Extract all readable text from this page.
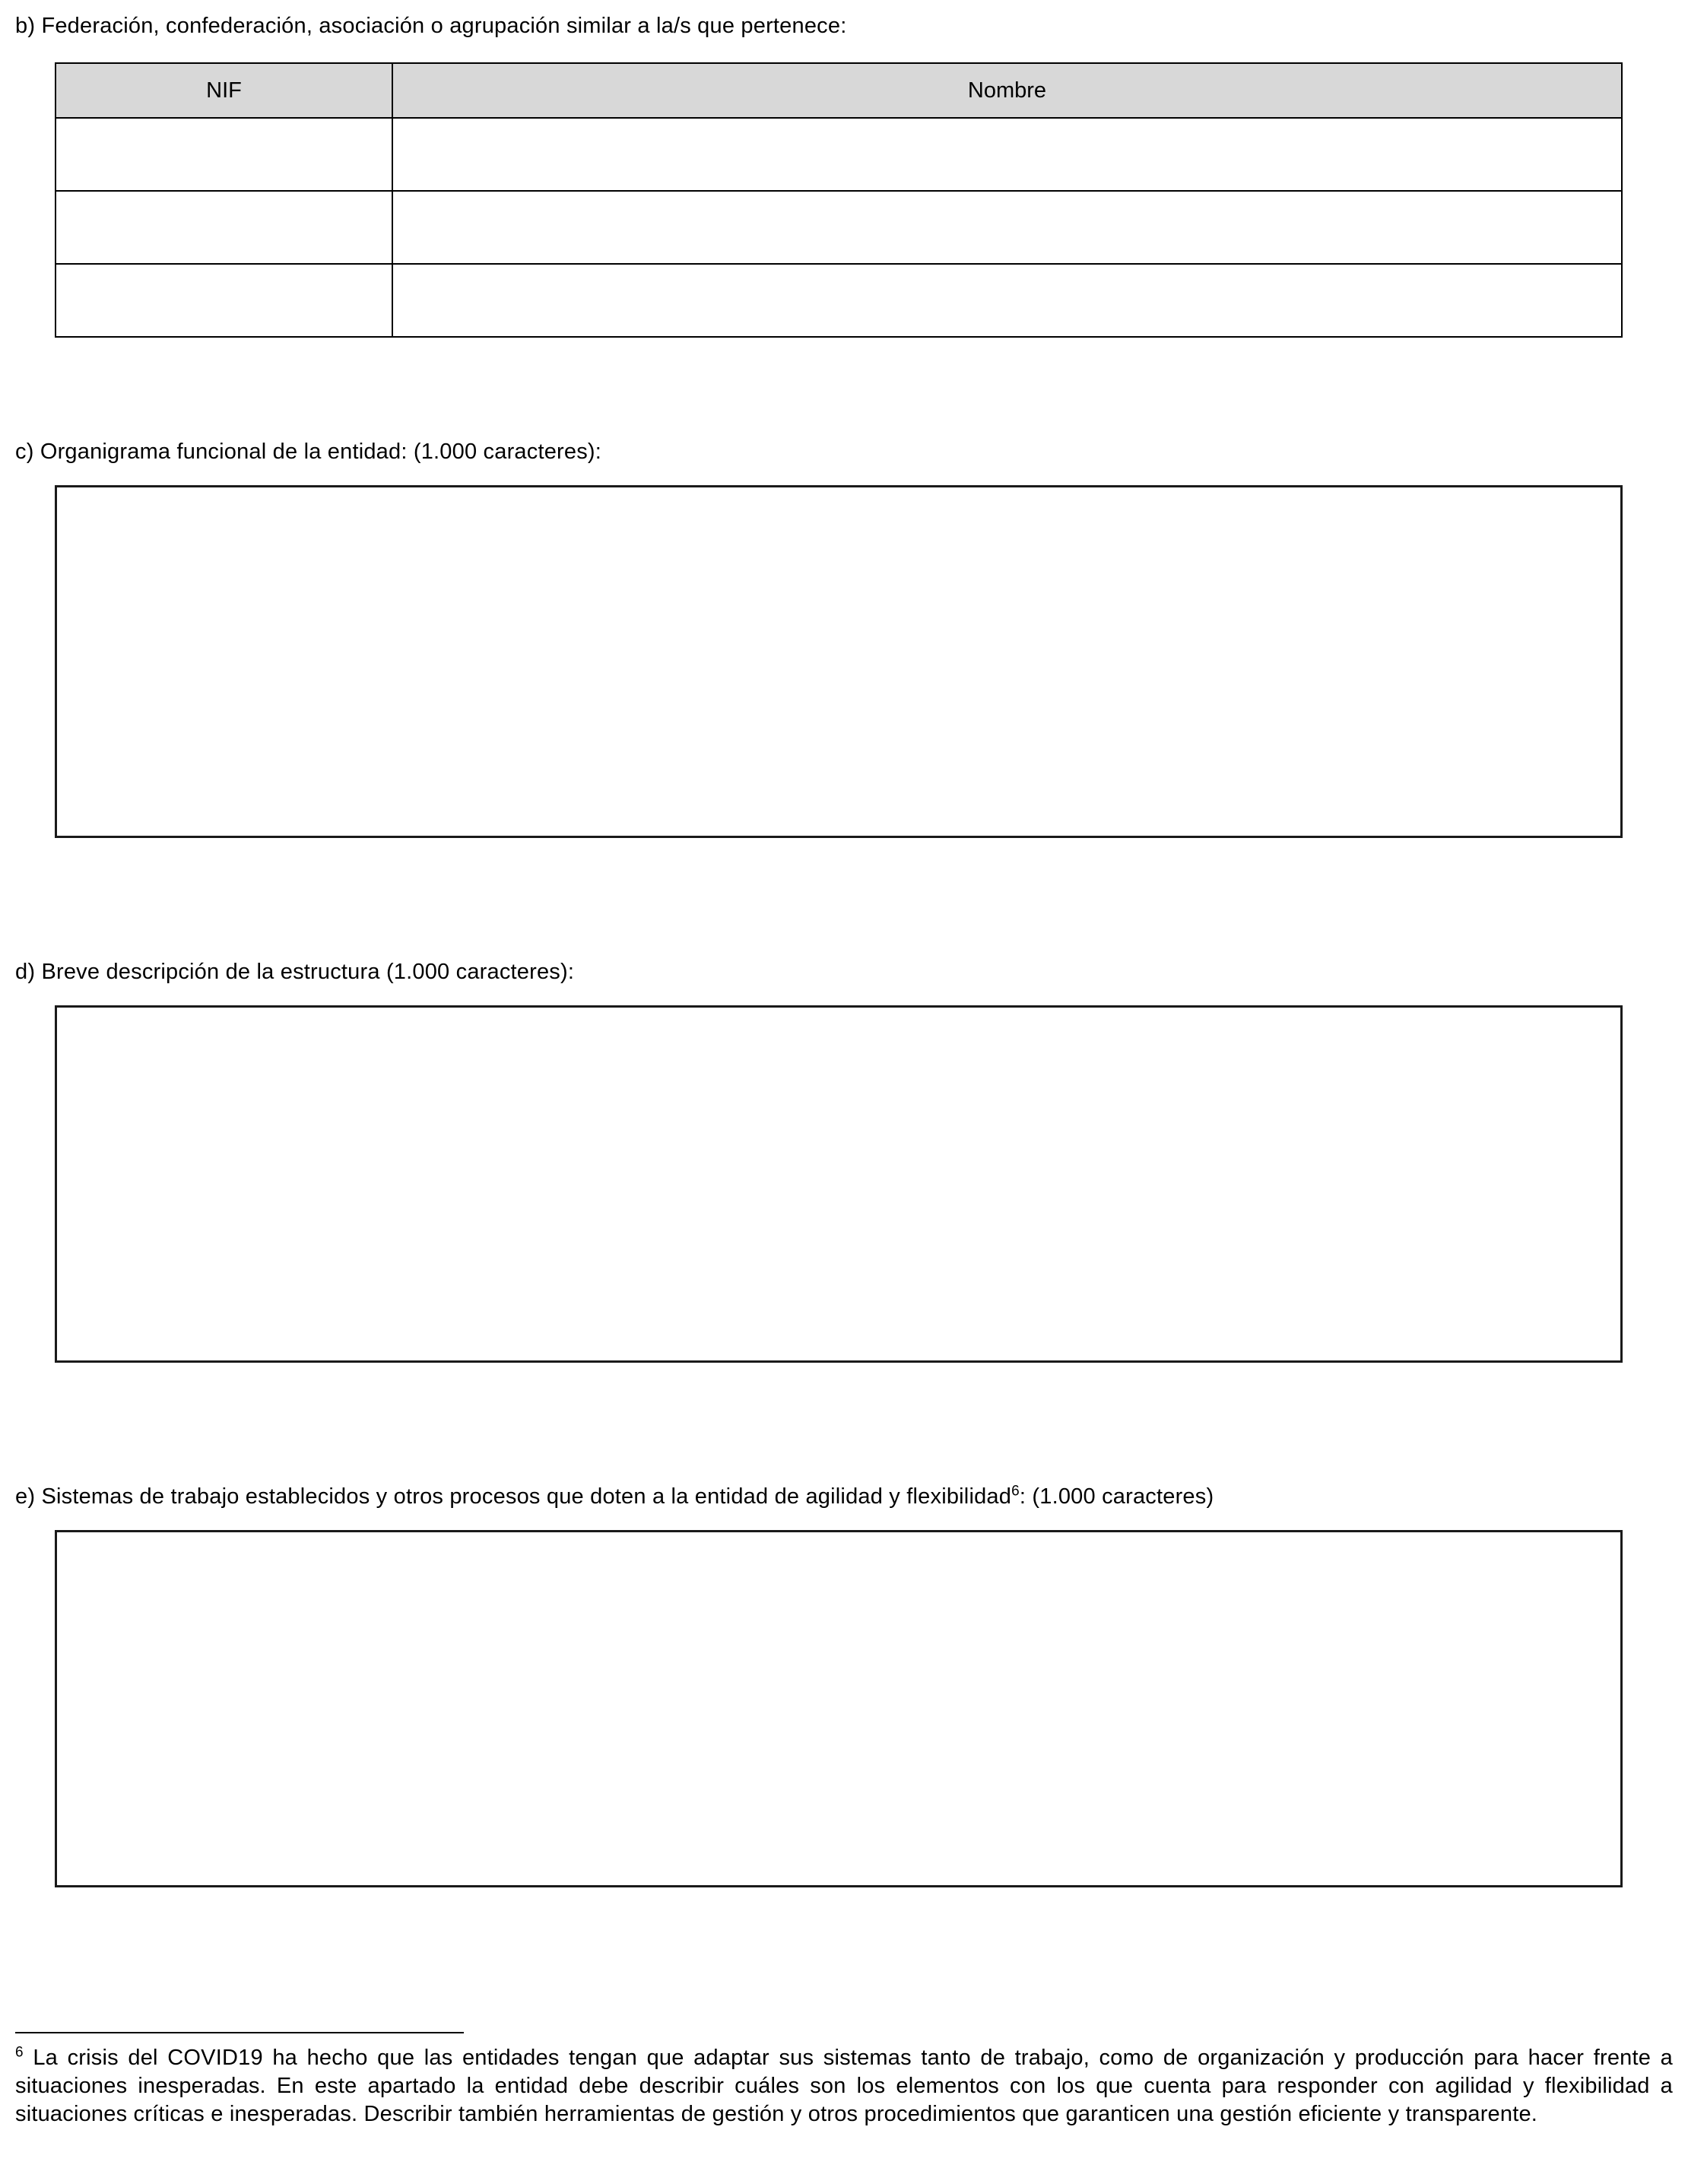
b) Federación, confederación, asociación o agrupación similar a la/s que pertenece:

NIF	Nombre

c) Organigrama funcional de la entidad: (1.000 caracteres):

d) Breve descripción de la estructura (1.000 caracteres):

e) Sistemas de trabajo establecidos y otros procesos que doten a la entidad de agilidad y flexibilidad$^6$: (1.000 caracteres)

$^6$ La crisis del COVID19 ha hecho que las entidades tengan que adaptar sus sistemas tanto de trabajo, como de organización y producción para hacer frente a situaciones inesperadas. En este apartado la entidad debe describir cuáles son los elementos con los que cuenta para responder con agilidad y flexibilidad a situaciones críticas e inesperadas. Describir también herramientas de gestión y otros procedimientos que garanticen una gestión eficiente y transparente.
